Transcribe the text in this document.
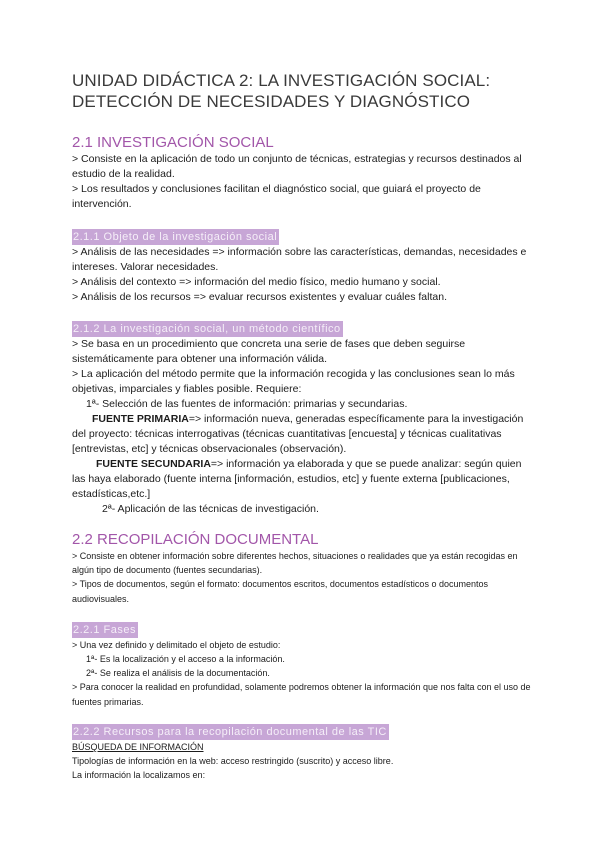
UNIDAD DIDÁCTICA 2: LA INVESTIGACIÓN SOCIAL:

DETECCIÓN DE NECESIDADES Y DIAGNÓSTICO

2.1 INVESTIGACIÓN SOCIAL

> Consiste en la aplicación de todo un conjunto de técnicas, estrategias y recursos destinados al estudio de la realidad.

> Los resultados y conclusiones facilitan el diagnóstico social, que guiará el proyecto de intervención.

2.1.1 Objeto de la investigación social

> Análisis de las necesidades => información sobre las características, demandas, necesidades e intereses. Valorar necesidades.

> Análisis del contexto => información del medio físico, medio humano y social.

> Análisis de los recursos => evaluar recursos existentes y evaluar cuáles faltan.

2.1.2 La investigación social, un método científico

> Se basa en un procedimiento que concreta una serie de fases que deben seguirse sistemáticamente para obtener una información válida.

> La aplicación del método permite que la información recogida y las conclusiones sean lo más objetivas, imparciales y fiables posible. Requiere:

1ª- Selección de las fuentes de información: primarias y secundarias.

FUENTE PRIMARIA=> información nueva, generadas específicamente para la investigación del proyecto: técnicas interrogativas (técnicas cuantitativas [encuesta] y técnicas cualitativas [entrevistas, etc] y técnicas observacionales (observación).

FUENTE SECUNDARIA=> información ya elaborada y que se puede analizar: según quien las haya elaborado (fuente interna [información, estudios, etc] y fuente externa [publicaciones, estadísticas,etc.]

2ª- Aplicación de las técnicas de investigación.

2.2 RECOPILACIÓN DOCUMENTAL

> Consiste en obtener información sobre diferentes hechos, situaciones o realidades que ya están recogidas en algún tipo de documento (fuentes secundarias).

> Tipos de documentos, según el formato: documentos escritos, documentos estadísticos o documentos audiovisuales.

2.2.1 Fases

> Una vez definido y delimitado el objeto de estudio:

1ª- Es la localización y el acceso a la información.

2ª- Se realiza el análisis de la documentación.

> Para conocer la realidad en profundidad, solamente podremos obtener la información que nos falta con el uso de fuentes primarias.

2.2.2 Recursos para la recopilación documental de las TIC

BÚSQUEDA DE INFORMACIÓN

Tipologías de información en la web: acceso restringido (suscrito) y acceso libre.

La información la localizamos en:
